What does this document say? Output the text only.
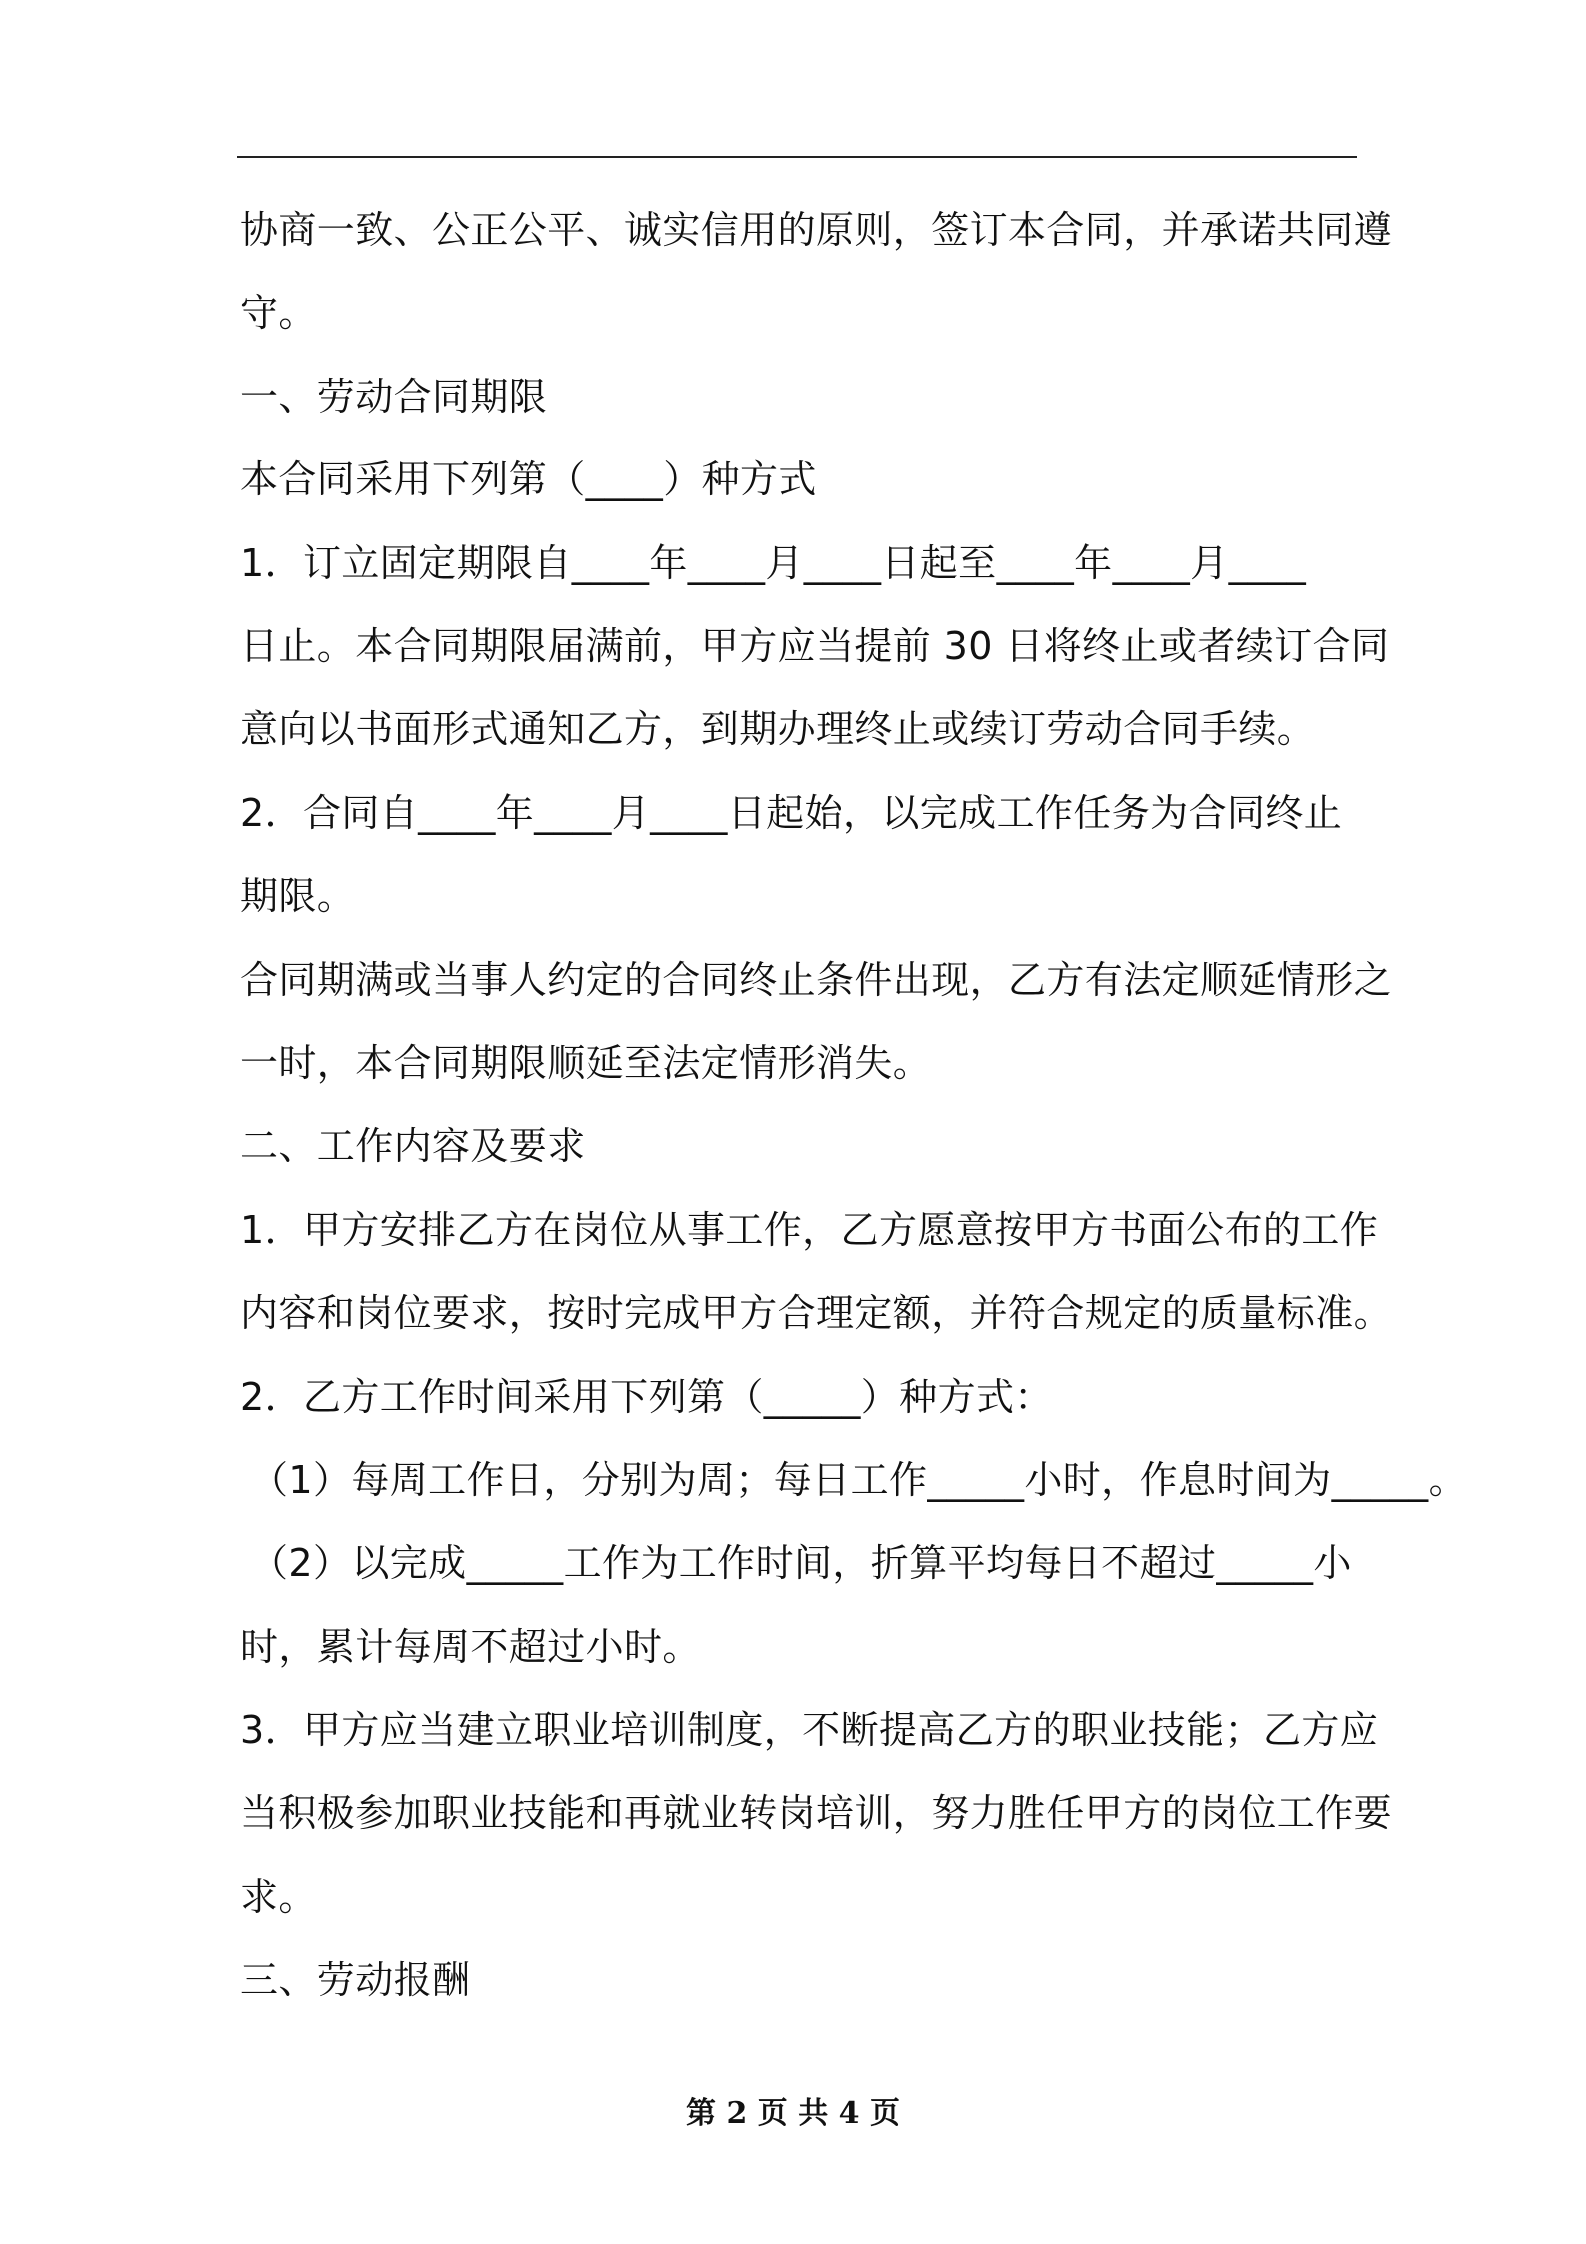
协商一致、公正公平、诚实信用的原则，签订本合同，并承诺共同遵
守。
一、劳动合同期限
本合同采用下列第（____）种方式
1．订立固定期限自____年____月____日起至____年____月____
日止。本合同期限届满前，甲方应当提前 30 日将终止或者续订合同
意向以书面形式通知乙方，到期办理终止或续订劳动合同手续。
2．合同自____年____月____日起始，以完成工作任务为合同终止
期限。
合同期满或当事人约定的合同终止条件出现，乙方有法定顺延情形之
一时，本合同期限顺延至法定情形消失。
二、工作内容及要求
1．甲方安排乙方在岗位从事工作，乙方愿意按甲方书面公布的工作
内容和岗位要求，按时完成甲方合理定额，并符合规定的质量标准。
2．乙方工作时间采用下列第（_____）种方式：
（1）每周工作日，分别为周；每日工作_____小时，作息时间为_____。
（2）以完成_____工作为工作时间，折算平均每日不超过_____小
时，累计每周不超过小时。
3．甲方应当建立职业培训制度，不断提高乙方的职业技能；乙方应
当积极参加职业技能和再就业转岗培训，努力胜任甲方的岗位工作要
求。
三、劳动报酬
第 2 页 共 4 页
